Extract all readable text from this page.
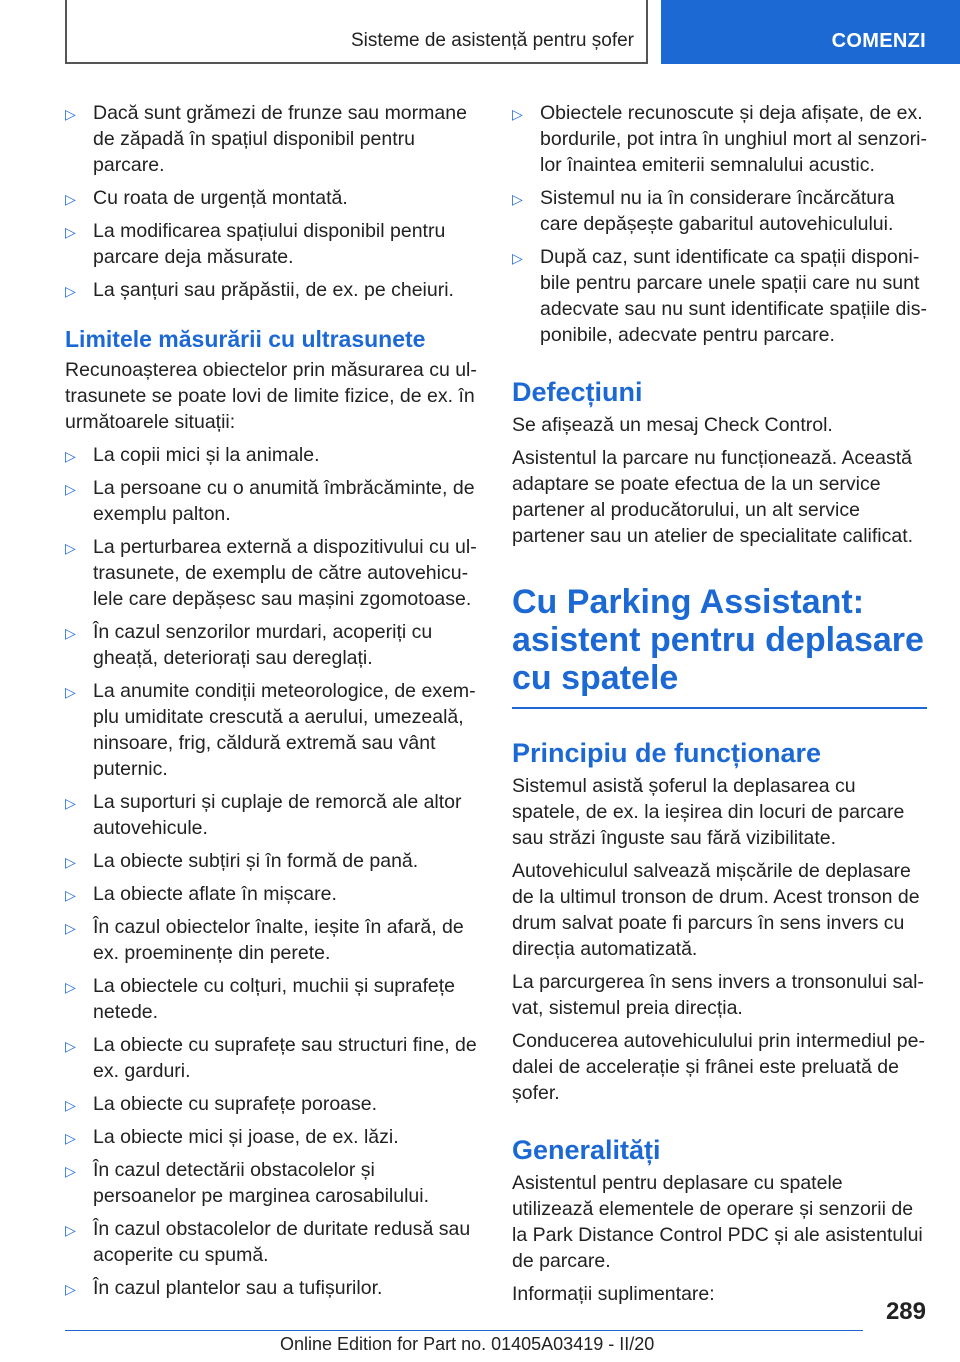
Sisteme de asistență pentru șofer	COMENZI
▷ Dacă sunt grămezi de frunze sau mormane de zăpadă în spațiul disponibil pentru parcare.
▷ Cu roata de urgență montată.
▷ La modificarea spațiului disponibil pentru parcare deja măsurate.
▷ La șanțuri sau prăpăstii, de ex. pe cheiuri.
Limitele măsurării cu ultrasunete

Recunoașterea obiectelor prin măsurarea cu ultrasunete se poate lovi de limite fizice, de ex. în următoarele situații:

▷ La copii mici și la animale.
▷ La persoane cu o anumită îmbrăcăminte, de exemplu palton.
▷ La perturbarea externă a dispozitivului cu ultrasunete, de exemplu de către autovehiculele care depășesc sau mașini zgomotoase.
▷ În cazul senzorilor murdari, acoperiți cu gheață, deteriorați sau dereglați.
▷ La anumite condiții meteorologice, de exemplu umiditate crescută a aerului, umezeală, ninsoare, frig, căldură extremă sau vânt puternic.
▷ La suporturi și cuplaje de remorcă ale altor autovehicule.
▷ La obiecte subțiri și în formă de pană.
▷ La obiecte aflate în mișcare.
▷ În cazul obiectelor înalte, ieșite în afară, de ex. proeminențe din perete.
▷ La obiectele cu colțuri, muchii și suprafețe netede.
▷ La obiecte cu suprafețe sau structuri fine, de ex. garduri.
▷ La obiecte cu suprafețe poroase.
▷ La obiecte mici și joase, de ex. lăzi.
▷ În cazul detectării obstacolelor și persoanelor pe marginea carosabilului.
▷ În cazul obstacolelor de duritate redusă sau acoperite cu spumă.
▷ În cazul plantelor sau a tufișurilor.
▷ Obiectele recunoscute și deja afișate, de ex. bordurile, pot intra în unghiul mort al senzorilor înaintea emiterii semnalului acustic.
▷ Sistemul nu ia în considerare încărcătura care depășește gabaritul autovehiculului.
▷ După caz, sunt identificate ca spații disponibile pentru parcare unele spații care nu sunt adecvate sau nu sunt identificate spațiile disponibile, adecvate pentru parcare.
Defecțiuni

Se afișează un mesaj Check Control.

Asistentul la parcare nu funcționează. Această adaptare se poate efectua de la un service partener al producătorului, un alt service partener sau un atelier de specialitate calificat.

Cu Parking Assistant: asistent pentru deplasare cu spatele
Principiu de funcționare

Sistemul asistă șoferul la deplasarea cu spatele, de ex. la ieșirea din locuri de parcare sau străzi înguste sau fără vizibilitate.

Autovehiculul salvează mișcările de deplasare de la ultimul tronson de drum. Acest tronson de drum salvat poate fi parcurs în sens invers cu direcția automatizată.

La parcurgerea în sens invers a tronsonului salvat, sistemul preia direcția.

Conducerea autovehiculului prin intermediul pedalei de accelerație și frânei este preluată de șofer.

Generalități

Asistentul pentru deplasare cu spatele utilizează elementele de operare și senzorii de la Park Distance Control PDC și ale asistentului de parcare.

Informații suplimentare:

289
Online Edition for Part no. 01405A03419 - II/20
